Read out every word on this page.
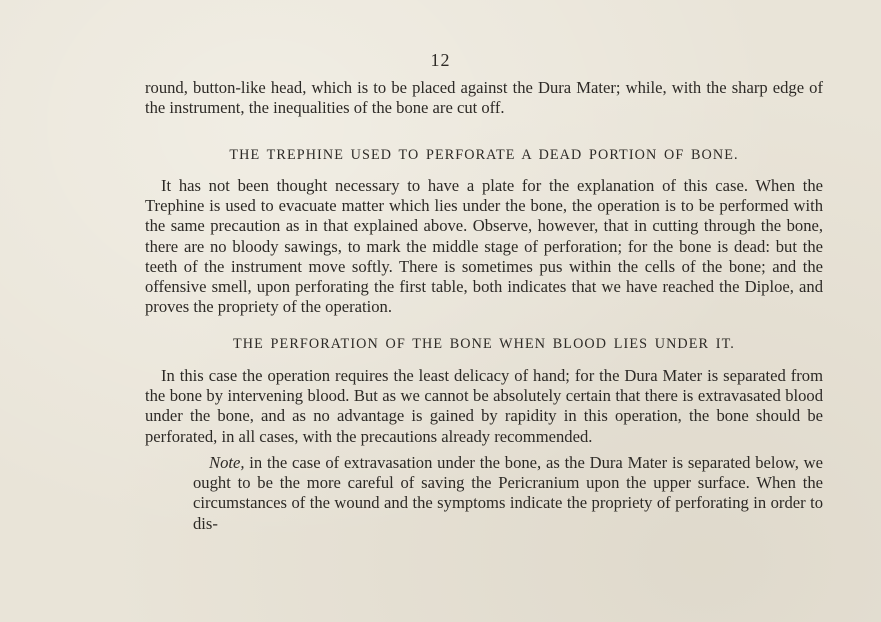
12

round, button-like head, which is to be placed against the Dura Mater; while, with the sharp edge of the instrument, the inequalities of the bone are cut off.

THE TREPHINE USED TO PERFORATE A DEAD PORTION OF BONE.

It has not been thought necessary to have a plate for the explanation of this case. When the Trephine is used to evacuate matter which lies under the bone, the operation is to be performed with the same precaution as in that explained above. Observe, however, that in cutting through the bone, there are no bloody sawings, to mark the middle stage of perforation; for the bone is dead: but the teeth of the instrument move softly. There is sometimes pus within the cells of the bone; and the offensive smell, upon perforating the first table, both indicates that we have reached the Diploe, and proves the propriety of the operation.

THE PERFORATION OF THE BONE WHEN BLOOD LIES UNDER IT.

In this case the operation requires the least delicacy of hand; for the Dura Mater is separated from the bone by intervening blood. But as we cannot be absolutely certain that there is extravasated blood under the bone, and as no advantage is gained by rapidity in this operation, the bone should be perforated, in all cases, with the precautions already recommended.

Note, in the case of extravasation under the bone, as the Dura Mater is separated below, we ought to be the more careful of saving the Pericranium upon the upper surface. When the circumstances of the wound and the symptoms indicate the propriety of perforating in order to dis-
